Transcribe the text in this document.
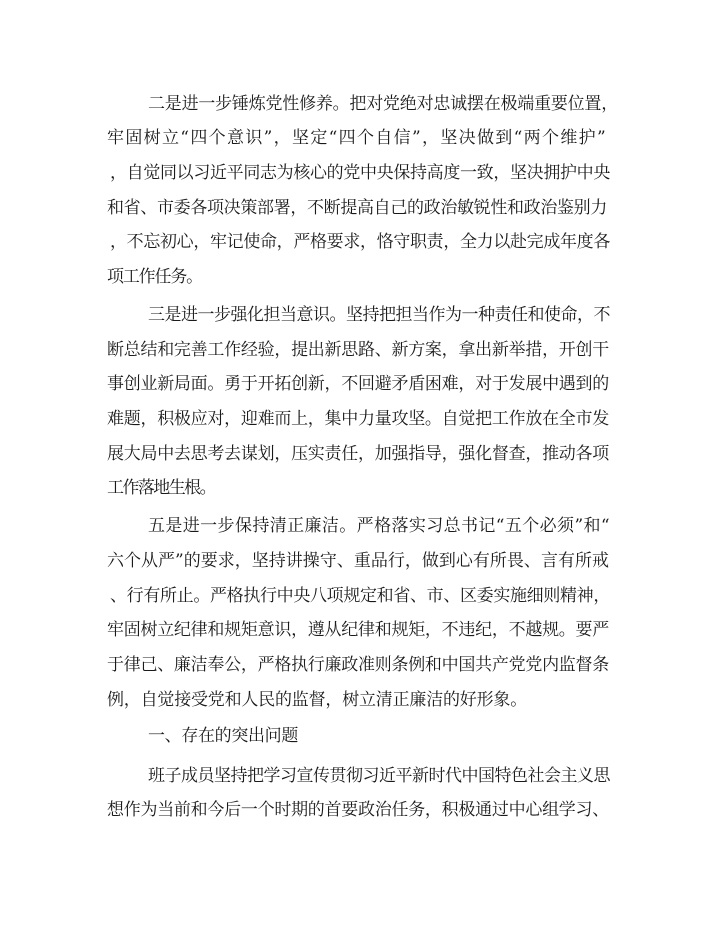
二是进一步锤炼党性修养。把对党绝对忠诚摆在极端重要位置，
牢固树立“四个意识”，坚定“四个自信”，坚决做到“两个维护”
，自觉同以习近平同志为核心的党中央保持高度一致，坚决拥护中央
和省、市委各项决策部署，不断提高自己的政治敏锐性和政治鉴别力
，不忘初心，牢记使命，严格要求，恪守职责，全力以赴完成年度各
项工作任务。
三是进一步强化担当意识。坚持把担当作为一种责任和使命，不
断总结和完善工作经验，提出新思路、新方案，拿出新举措，开创干
事创业新局面。勇于开拓创新，不回避矛盾困难，对于发展中遇到的
难题，积极应对，迎难而上，集中力量攻坚。自觉把工作放在全市发
展大局中去思考去谋划，压实责任，加强指导，强化督查，推动各项
工作落地生根。
五是进一步保持清正廉洁。严格落实习总书记“五个必须”和“
六个从严”的要求，坚持讲操守、重品行，做到心有所畏、言有所戒
、行有所止。严格执行中央八项规定和省、市、区委实施细则精神，
牢固树立纪律和规矩意识，遵从纪律和规矩，不违纪，不越规。要严
于律己、廉洁奉公，严格执行廉政准则条例和中国共产党党内监督条
例，自觉接受党和人民的监督，树立清正廉洁的好形象。
一、存在的突出问题
班子成员坚持把学习宣传贯彻习近平新时代中国特色社会主义思
想作为当前和今后一个时期的首要政治任务，积极通过中心组学习、
